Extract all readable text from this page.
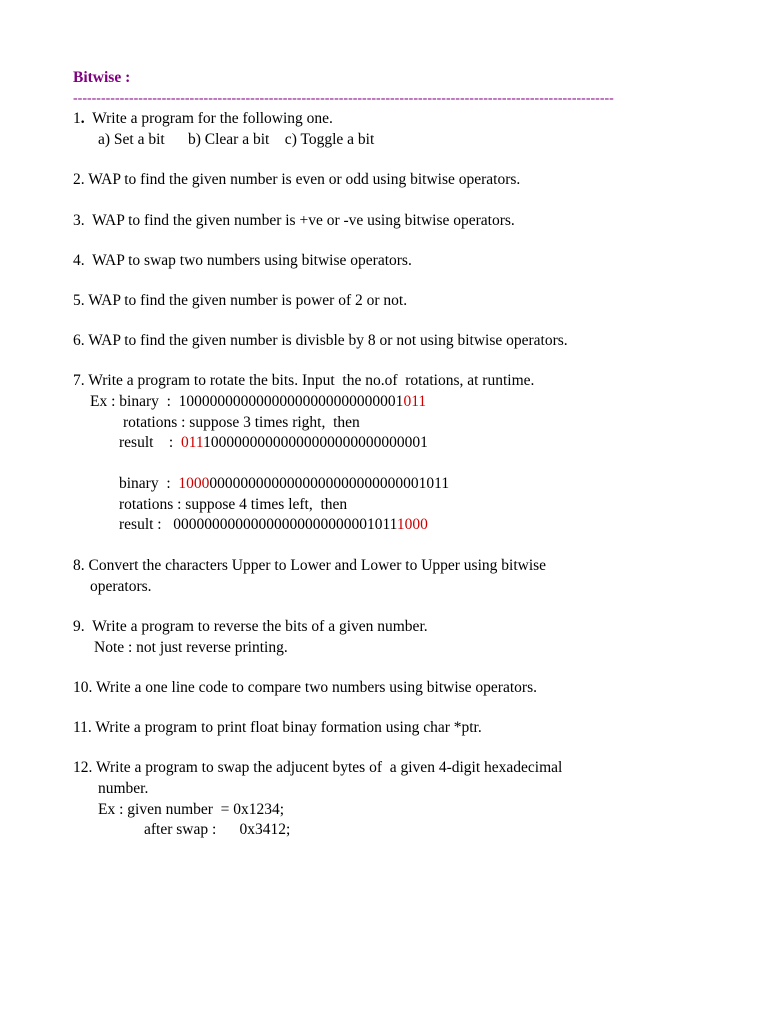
Bitwise :
--------------------------------------------------------------------------------------------------------------------
1.  Write a program for the following one.
a) Set a bit      b) Clear a bit    c) Toggle a bit
2. WAP to find the given number is even or odd using bitwise operators.
3.  WAP to find the given number is +ve or -ve using bitwise operators.
4.  WAP to swap two numbers using bitwise operators.
5. WAP to find the given number is power of 2 or not.
6. WAP to find the given number is divisble by 8 or not using bitwise operators.
7. Write a program to rotate the bits. Input  the no.of  rotations, at runtime.
Ex : binary  :  10000000000000000000000000001011
rotations : suppose 3 times right,  then
result    :  01110000000000000000000000000001
binary  :  10000000000000000000000000000001011
rotations : suppose 4 times left,  then
result :   000000000000000000000000010111000
8. Convert the characters Upper to Lower and Lower to Upper using bitwise
operators.
9.  Write a program to reverse the bits of a given number.
Note : not just reverse printing.
10. Write a one line code to compare two numbers using bitwise operators.
11. Write a program to print float binay formation using char *ptr.
12. Write a program to swap the adjucent bytes of  a given 4-digit hexadecimal
number.
Ex : given number  = 0x1234;
after swap :      0x3412;
